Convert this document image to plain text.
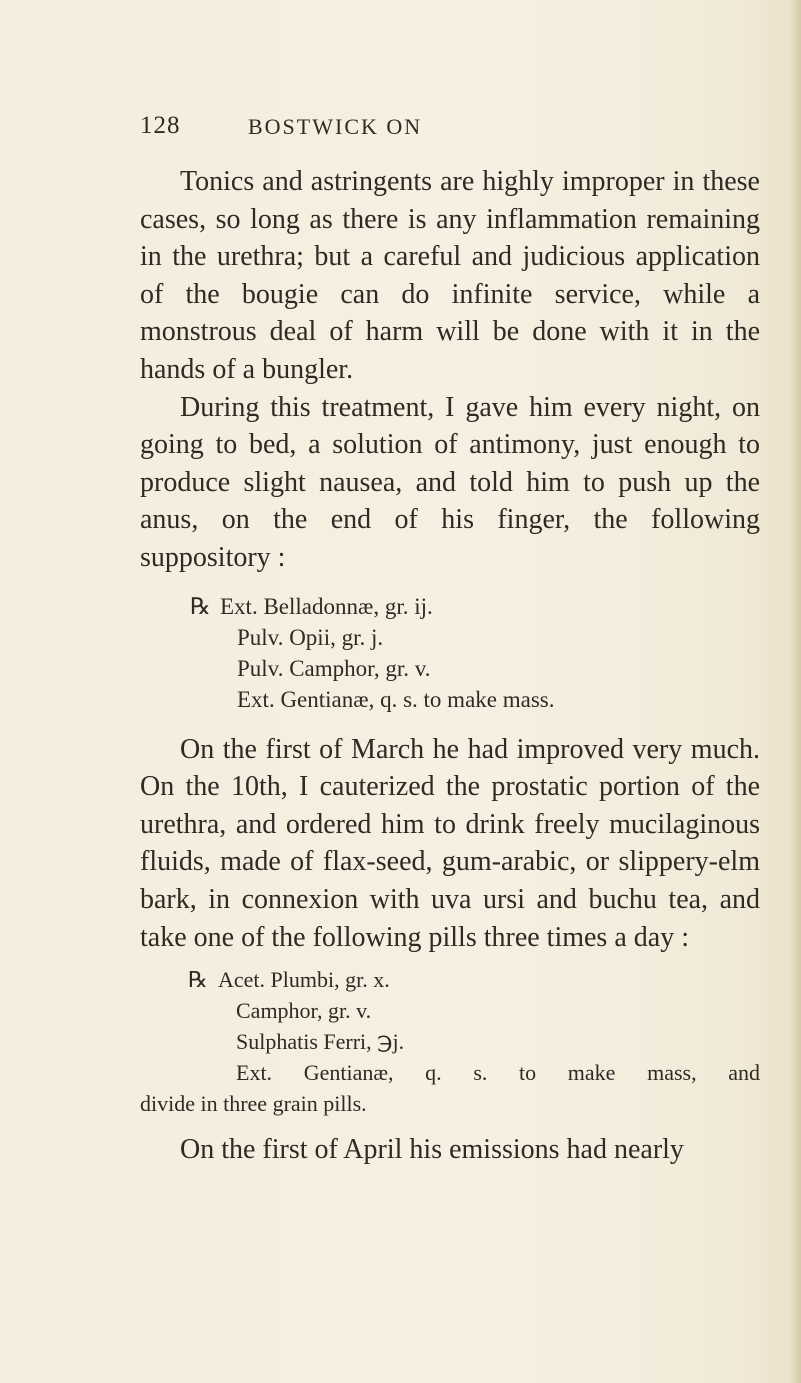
128	BOSTWICK ON

Tonics and astringents are highly improper in these cases, so long as there is any inflammation remaining in the urethra; but a careful and judicious application of the bougie can do infinite service, while a monstrous deal of harm will be done with it in the hands of a bungler.

During this treatment, I gave him every night, on going to bed, a solution of antimony, just enough to produce slight nausea, and told him to push up the anus, on the end of his finger, the following suppository :

℞ Ext. Belladonnæ, gr. ij.
Pulv. Opii, gr. j.
Pulv. Camphor, gr. v.
Ext. Gentianæ, q. s. to make mass.

On the first of March he had improved very much. On the 10th, I cauterized the prostatic portion of the urethra, and ordered him to drink freely mucilaginous fluids, made of flax-seed, gum-arabic, or slippery-elm bark, in connexion with uva ursi and buchu tea, and take one of the following pills three times a day :

℞ Acet. Plumbi, gr. x.
Camphor, gr. v.
Sulphatis Ferri, ℈j.
Ext. Gentianæ, q. s. to make mass, and
divide in three grain pills.

On the first of April his emissions had nearly
